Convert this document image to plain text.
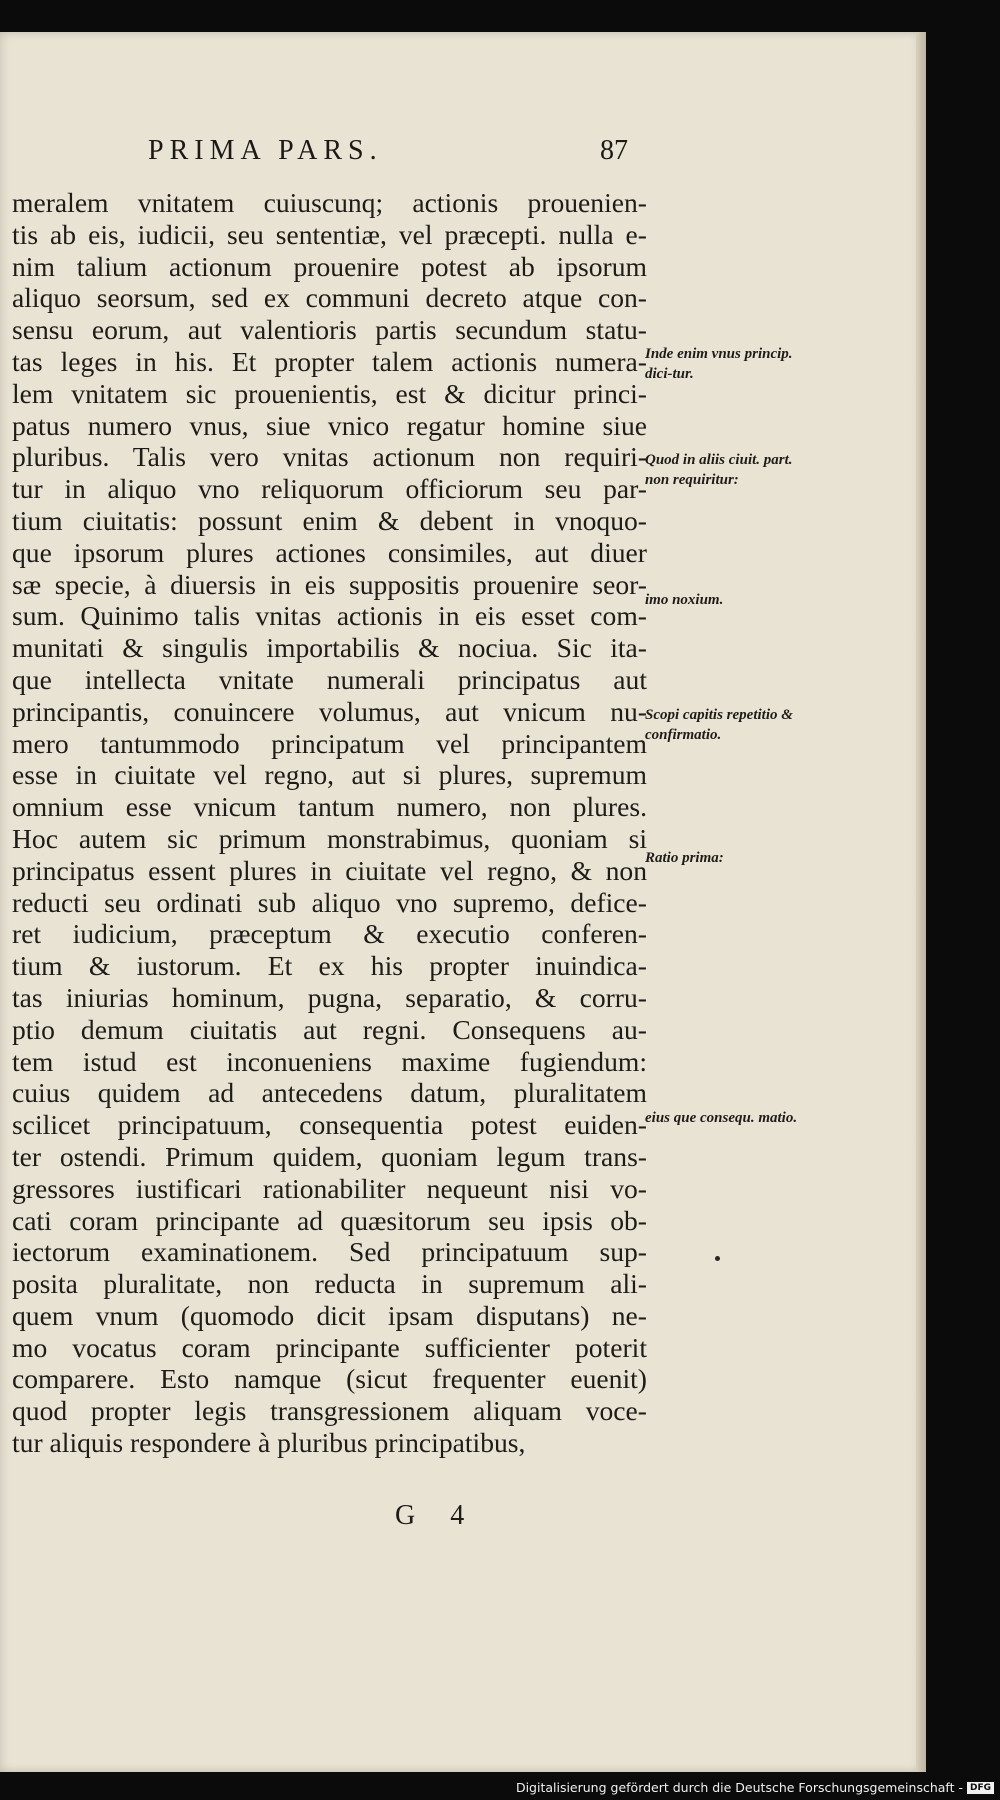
PRIMA PARS.	87
meralem vnitatem cuiuscunq; actionis prouenien-
tis ab eis, iudicii, seu sententiæ, vel præcepti. nulla e-
nim talium actionum prouenire potest ab ipsorum
aliquo seorsum, sed ex communi decreto atque con-
sensu eorum, aut valentioris partis secundum statu-
tas leges in his. Et propter talem actionis numera-
lem vnitatem sic prouenientis, est & dicitur princi-
patus numero vnus, siue vnico regatur homine siue
pluribus. Talis vero vnitas actionum non requiri-
tur in aliquo vno reliquorum officiorum seu par-
tium ciuitatis: possunt enim & debent in vnoquo-
que ipsorum plures actiones consimiles, aut diuer
sæ specie, à diuersis in eis suppositis prouenire seor-
sum. Quinimo talis vnitas actionis in eis esset com-
munitati & singulis importabilis & nociua. Sic ita-
que intellecta vnitate numerali principatus aut
principantis, conuincere volumus, aut vnicum nu-
mero tantummodo principatum vel principantem
esse in ciuitate vel regno, aut si plures, supremum
omnium esse vnicum tantum numero, non plures.
Hoc autem sic primum monstrabimus, quoniam si
principatus essent plures in ciuitate vel regno, & non
reducti seu ordinati sub aliquo vno supremo, defice-
ret iudicium, præceptum & executio conferen-
tium & iustorum. Et ex his propter inuindica-
tas iniurias hominum, pugna, separatio, & corru-
ptio demum ciuitatis aut regni. Consequens au-
tem istud est inconueniens maxime fugiendum:
cuius quidem ad antecedens datum, pluralitatem
scilicet principatuum, consequentia potest euiden-
ter ostendi. Primum quidem, quoniam legum trans-
gressores iustificari rationabiliter nequeunt nisi vo-
cati coram principante ad quæsitorum seu ipsis ob-
iectorum examinationem. Sed principatuum sup-
posita pluralitate, non reducta in supremum ali-
quem vnum (quomodo dicit ipsam disputans) ne-
mo vocatus coram principante sufficienter poterit
comparere. Esto namque (sicut frequenter euenit)
quod propter legis transgressionem aliquam voce-
tur aliquis respondere à pluribus principatibus,
Inde enim vnus princip. dici-tur.
Quod in aliis ciuit. part. non requiritur:
imo noxium.
Scopi capitis repetitio & confirmatio.
Ratio prima:
eius que consequ. matio.
G 4
Digitalisierung gefördert durch die Deutsche Forschungsgemeinschaft - DFG
